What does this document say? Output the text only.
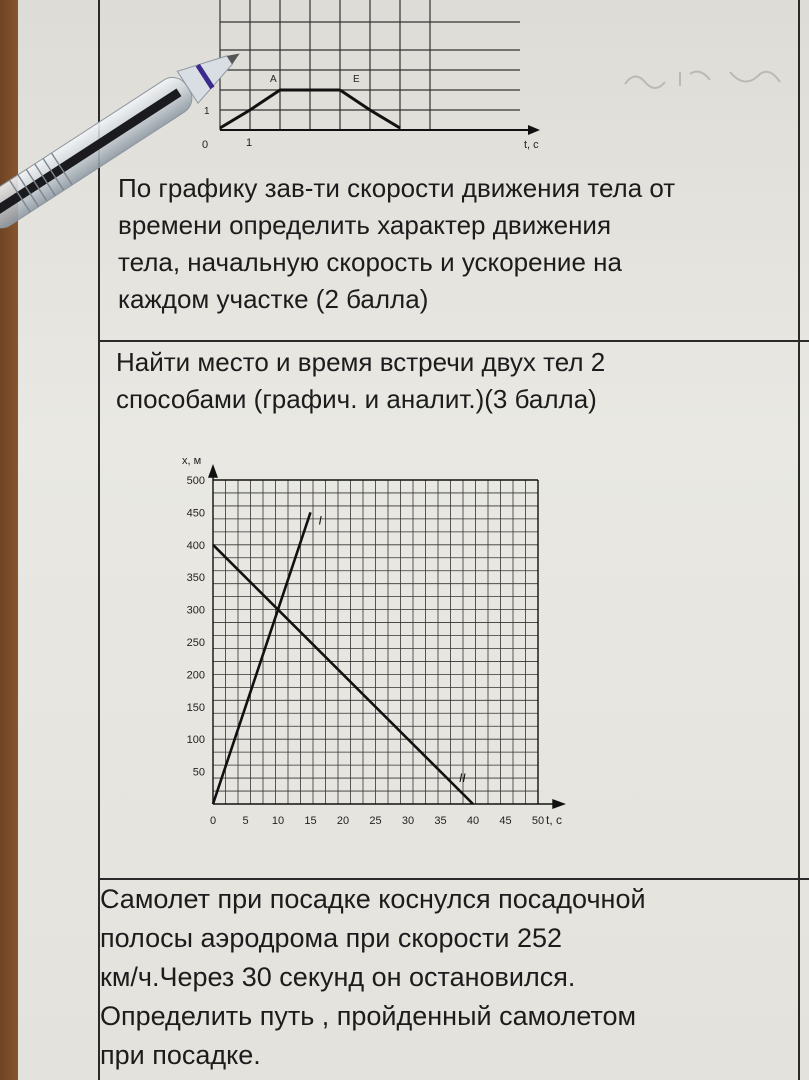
A	E
1
0	1	t, c

По графику зав-ти скорости движения тела от
времени определить характер движения
тела, начальную скорость и ускорение на
каждом участке (2 балла)

Найти место и время встречи двух тел 2
способами (графич. и аналит.)(3 балла)

0 5 10 15 20 25 30 35 40 45 50
50
100
150
200
250
300
350
400
450
500
I
II
x, м
t, c

Самолет при посадке коснулся посадочной
полосы аэродрома при скорости 252
км/ч.Через 30 секунд он остановился.
Определить путь , пройденный самолетом
при посадке.
